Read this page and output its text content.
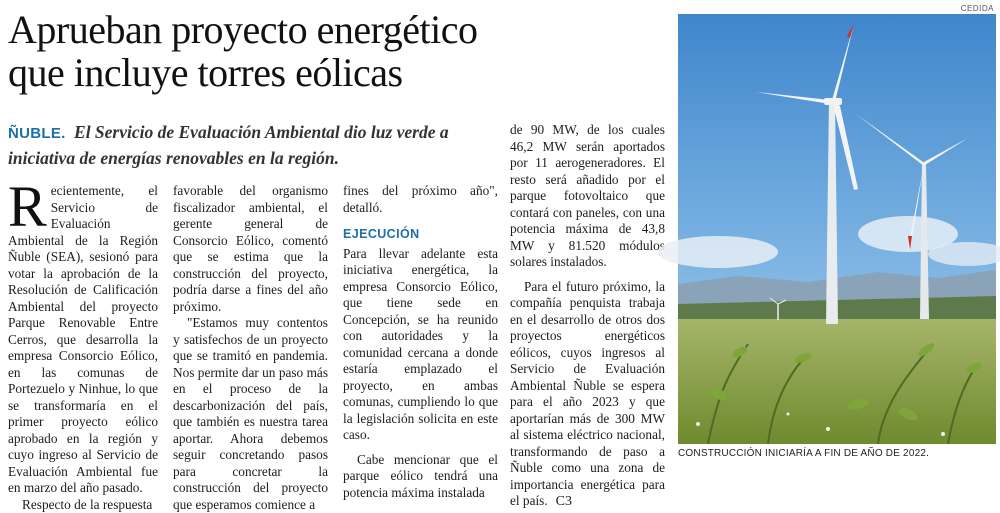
Aprueban proyecto energético
que incluye torres eólicas
ÑUBLE. El Servicio de Evaluación Ambiental dio luz verde a iniciativa de energías renovables en la región.
R ecientemente, el Servicio de Evaluación Ambiental de la Región Ñuble (SEA), sesionó para votar la aprobación de la Resolución de Calificación Ambiental del proyecto Parque Renovable Entre Cerros, que desarrolla la empresa Consorcio Eólico, en las comunas de Portezuelo y Ninhue, lo que se transformaría en el primer proyecto eólico aprobado en la región y cuyo ingreso al Servicio de Evaluación Ambiental fue en marzo del año pasado.

Respecto de la respuesta

favorable del organismo fiscalizador ambiental, el gerente general de Consorcio Eólico, comentó que se estima que la construcción del proyecto, podría darse a fines del año próximo.

"Estamos muy contentos y satisfechos de un proyecto que se tramitó en pandemia. Nos permite dar un paso más en el proceso de la descarbonización del país, que también es nuestra tarea aportar. Ahora debemos seguir concretando pasos para concretar la construcción del proyecto que esperamos comience a

fines del próximo año", detalló.

EJECUCIÓN

Para llevar adelante esta iniciativa energética, la empresa Consorcio Eólico, que tiene sede en Concepción, se ha reunido con autoridades y la comunidad cercana a donde estaría emplazado el proyecto, en ambas comunas, cumpliendo lo que la legislación solicita en este caso.

Cabe mencionar que el parque eólico tendrá una potencia máxima instalada

de 90 MW, de los cuales 46,2 MW serán aportados por 11 aerogeneradores. El resto será añadido por el parque fotovoltaico que contará con paneles, con una potencia máxima de 43,8 MW y 81.520 módulos solares instalados.

Para el futuro próximo, la compañía penquista trabaja en el desarrollo de otros dos proyectos energéticos eólicos, cuyos ingresos al Servicio de Evaluación Ambiental Ñuble se espera para el año 2023 y que aportarían más de 300 MW al sistema eléctrico nacional, transformando de paso a Ñuble como una zona de importancia energética para el país. C3

CEDIDA
CONSTRUCCIÓN INICIARÍA A FIN DE AÑO DE 2022.
